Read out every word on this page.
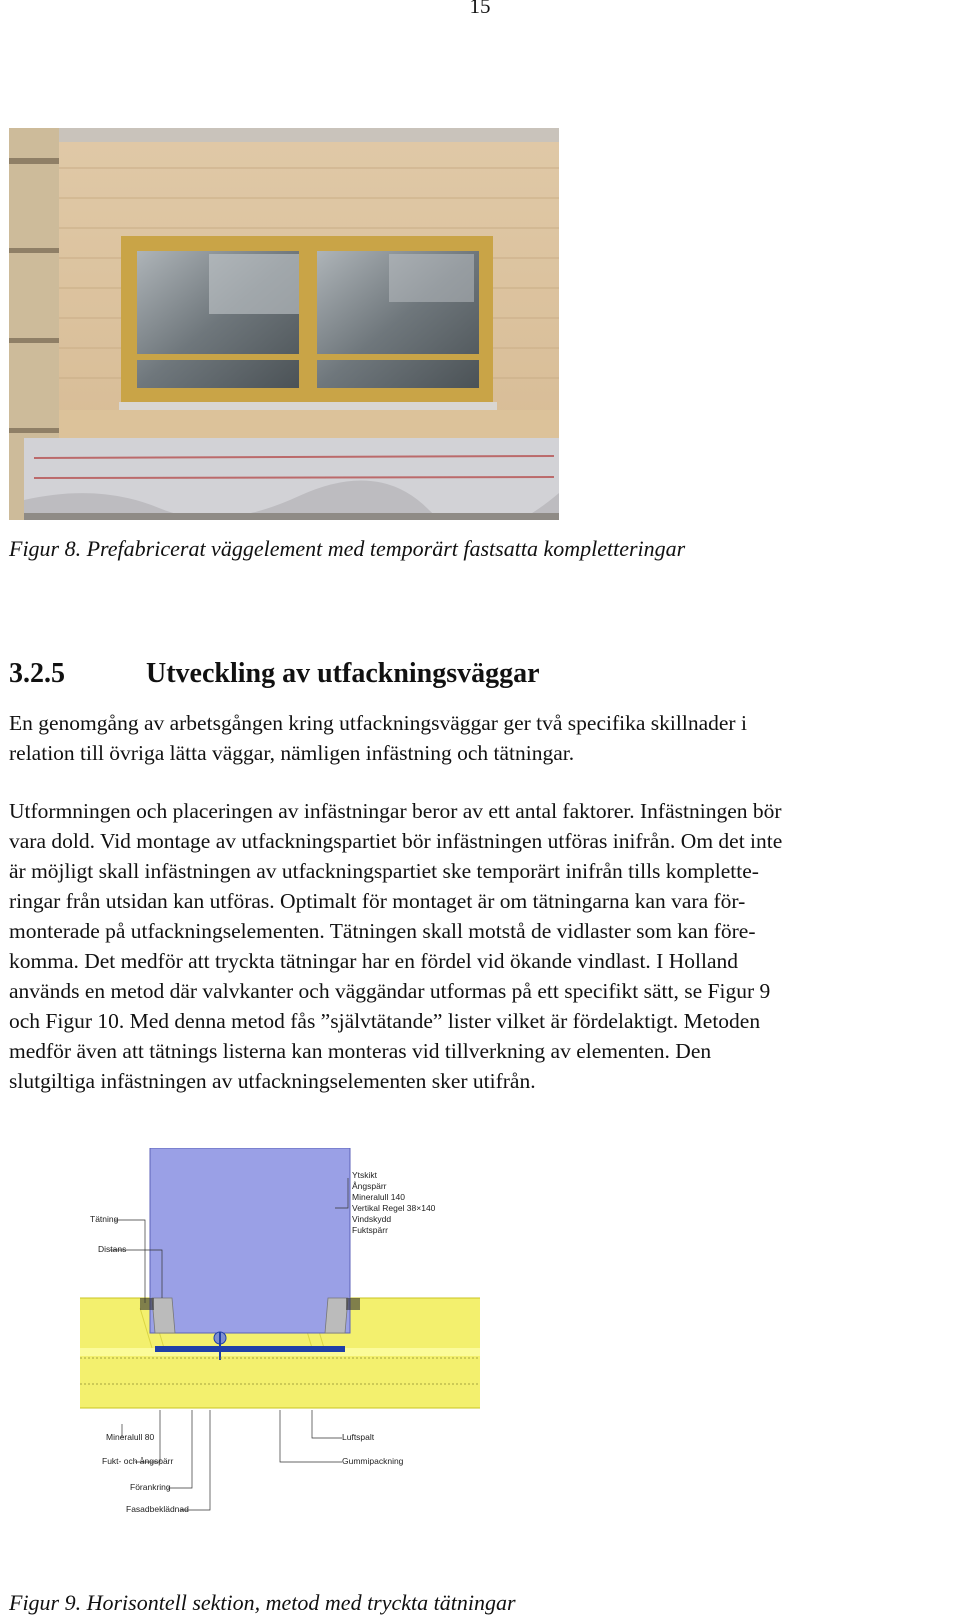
15
Figur 8. Prefabricerat väggelement med temporärt fastsatta kompletteringar
3.2.5	Utveckling av utfackningsväggar
En genomgång av arbetsgången kring utfackningsväggar ger två specifika skillnader i
relation till övriga lätta väggar, nämligen infästning och tätningar.
Utformningen och placeringen av infästningar beror av ett antal faktorer. Infästningen bör
vara dold. Vid montage av utfackningspartiet bör infästningen utföras inifrån. Om det inte
är möjligt skall infästningen av utfackningspartiet ske temporärt inifrån tills komplette-
ringar från utsidan kan utföras. Optimalt för montaget är om tätningarna kan vara för-
monterade på utfackningselementen. Tätningen skall motstå de vidlaster som kan före-
komma. Det medför att tryckta tätningar har en fördel vid ökande vindlast. I Holland
används en metod där valvkanter och väggändar utformas på ett specifikt sätt, se Figur 9
och Figur 10. Med denna metod fås ”självtätande” lister vilket är fördelaktigt. Metoden
medför även att tätnings listerna kan monteras vid tillverkning av elementen. Den
slutgiltiga infästningen av utfackningselementen sker utifrån.
Tätning
Distans
Ytskikt
Ångspärr
Mineralull 140
Vertikal Regel 38×140
Vindskydd
Fuktspärr
Mineralull 80
Fukt- och ångspärr
Förankring
Fasadbeklädnad
Luftspalt
Gummipackning
Figur 9. Horisontell sektion, metod med tryckta tätningar
